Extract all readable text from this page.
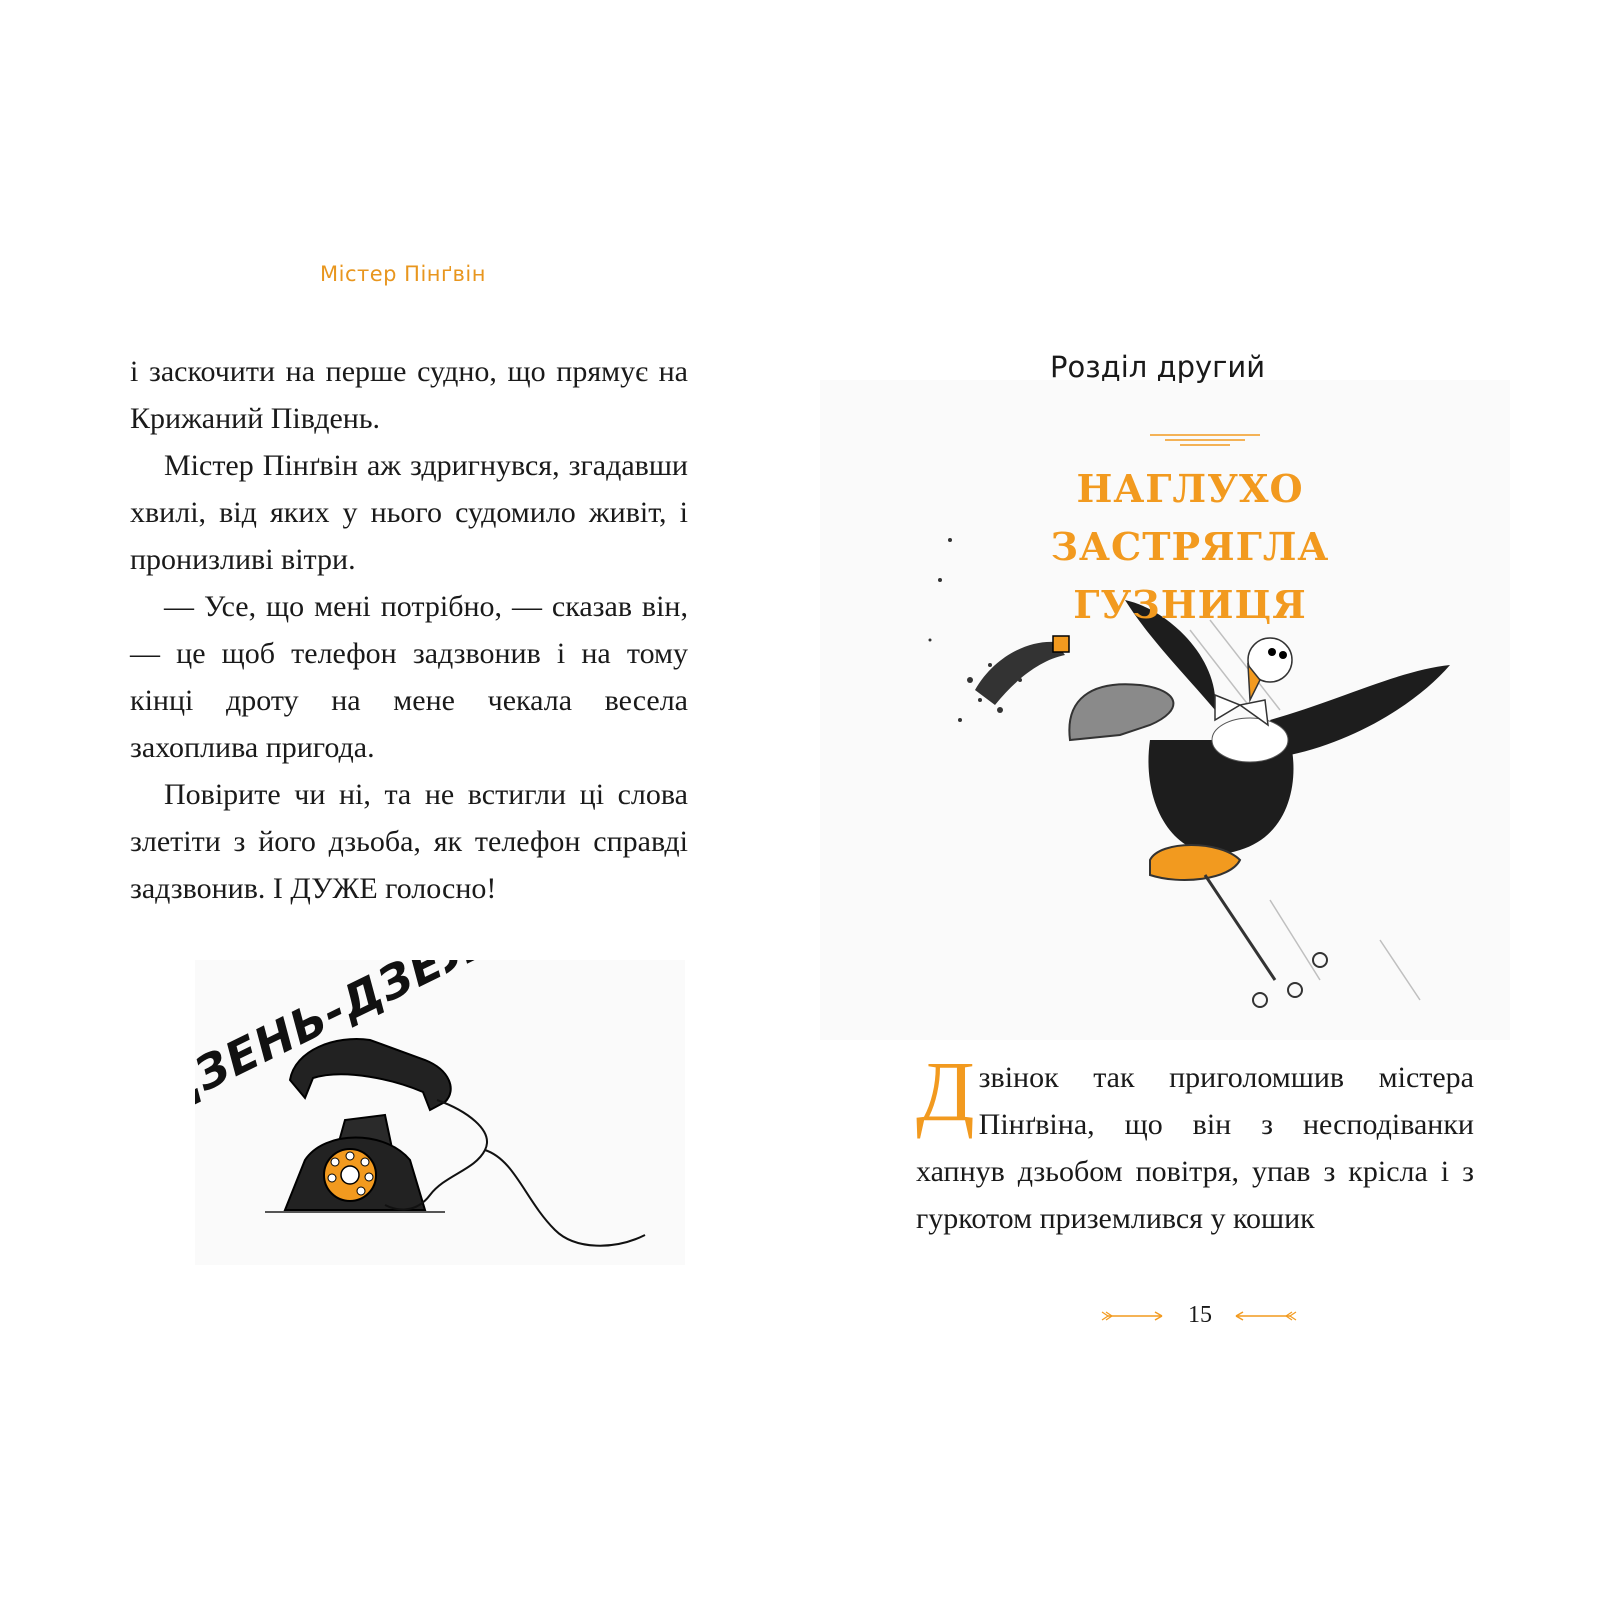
Містер Пінґвін

і заскочити на перше судно, що прямує на Крижаний Південь.

Містер Пінґвін аж здригнувся, згадавши хвилі, від яких у нього судомило живіт, і пронизливі вітри.

— Усе, що мені потрібно, — сказав він, — це щоб телефон задзвонив і на тому кінці дроту на мене чекала весела захоплива пригода.

Повірите чи ні, та не встигли ці слова злетіти з його дзьоба, як телефон справді задзвонив. І ДУЖЕ голосно!

Розділ другий
НАГЛУХО ЗАСТРЯГЛА
ГУЗНИЦЯ

Дзвінок так приголомшив містера Пінґвіна, що він з несподіванки хапнув дзьобом повітря, упав з крісла і з гуркотом приземлився у кошик

15
